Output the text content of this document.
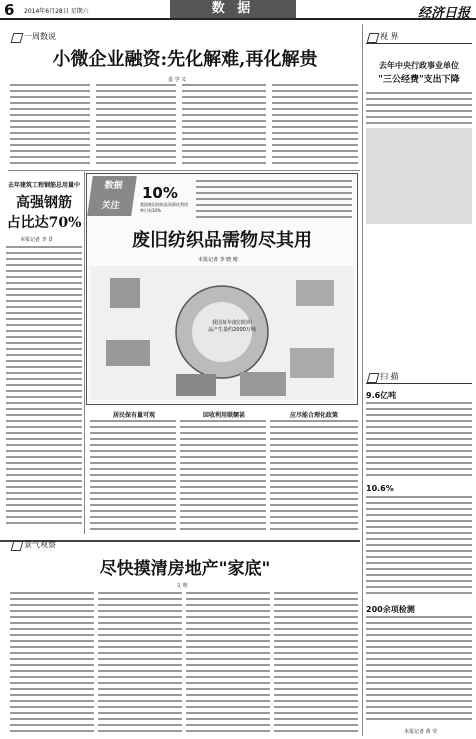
6 2014年6月28日 星期六	数 据	经济日报
一周数说
小微企业融资:先化解难,再化解贵
姜 学 义
去年建筑工程钢筋总用量中
高强钢筋
占比达70%
本报记者 李 景
数据
关注
10%
我国废旧纺织品资源化利用率只有10%
废旧纺织品需物尽其用
本报记者 李 晓 晴
我国每年废旧纺织
品产生量约2000万吨
居民保有量可观	回收利用联额甚	应尽能合理化政策
景气观察
尽快摸清房地产"家底"
文 明
视 界
去年中央行政事业单位
"三公经费"支出下降
扫 描
9.6亿吨
10.6%
200余项检测
本报记者 黄 莹
